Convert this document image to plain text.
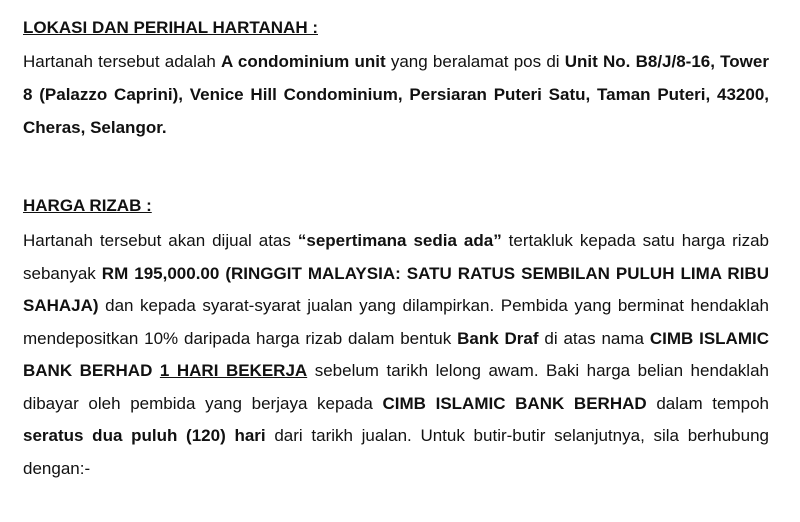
LOKASI DAN PERIHAL HARTANAH :

Hartanah tersebut adalah A condominium unit yang beralamat pos di Unit No. B8/J/8-16, Tower 8 (Palazzo Caprini), Venice Hill Condominium, Persiaran Puteri Satu, Taman Puteri, 43200, Cheras, Selangor.

HARGA RIZAB :

Hartanah tersebut akan dijual atas “sepertimana sedia ada” tertakluk kepada satu harga rizab sebanyak RM 195,000.00 (RINGGIT MALAYSIA: SATU RATUS SEMBILAN PULUH LIMA RIBU SAHAJA) dan kepada syarat-syarat jualan yang dilampirkan. Pembida yang berminat hendaklah mendepositkan 10% daripada harga rizab dalam bentuk Bank Draf di atas nama CIMB ISLAMIC BANK BERHAD 1 HARI BEKERJA sebelum tarikh lelong awam. Baki harga belian hendaklah dibayar oleh pembida yang berjaya kepada CIMB ISLAMIC BANK BERHAD dalam tempoh seratus dua puluh (120) hari dari tarikh jualan. Untuk butir-butir selanjutnya, sila berhubung dengan:-
